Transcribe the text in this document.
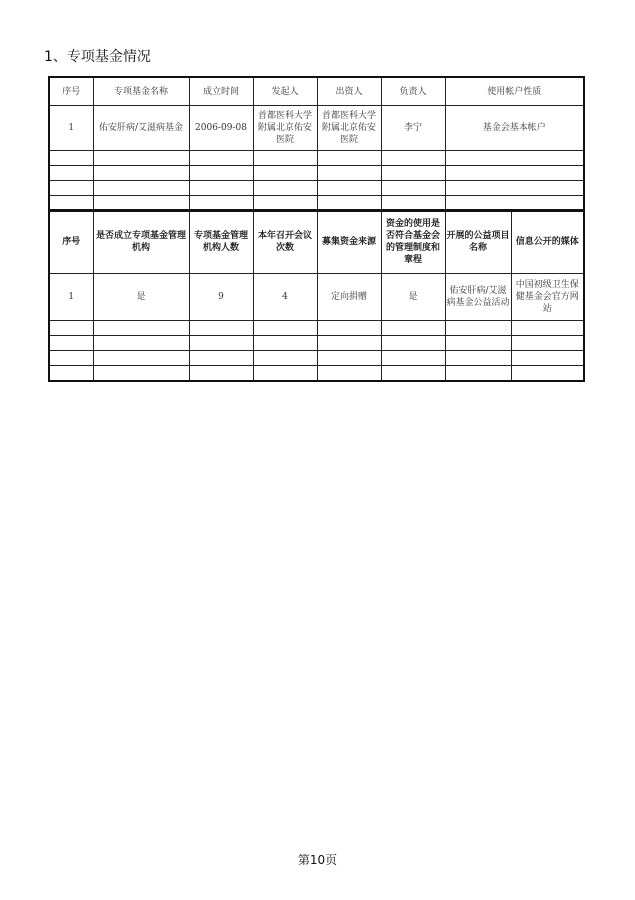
1、专项基金情况
序号	专项基金名称	成立时间	发起人	出资人	负责人	使用帐户性质
1	佑安肝病/艾滋病基金	2006-09-08	首都医科大学附属北京佑安医院	首都医科大学附属北京佑安医院	李宁	基金会基本帐户

序号	是否成立专项基金管理机构	专项基金管理机构人数	本年召开会议次数	募集资金来源	资金的使用是否符合基金会的管理制度和章程	开展的公益项目名称	信息公开的媒体
1	是	9	4	定向捐赠	是	佑安肝病/艾滋病基金公益活动	中国初级卫生保健基金会官方网站

第10页
